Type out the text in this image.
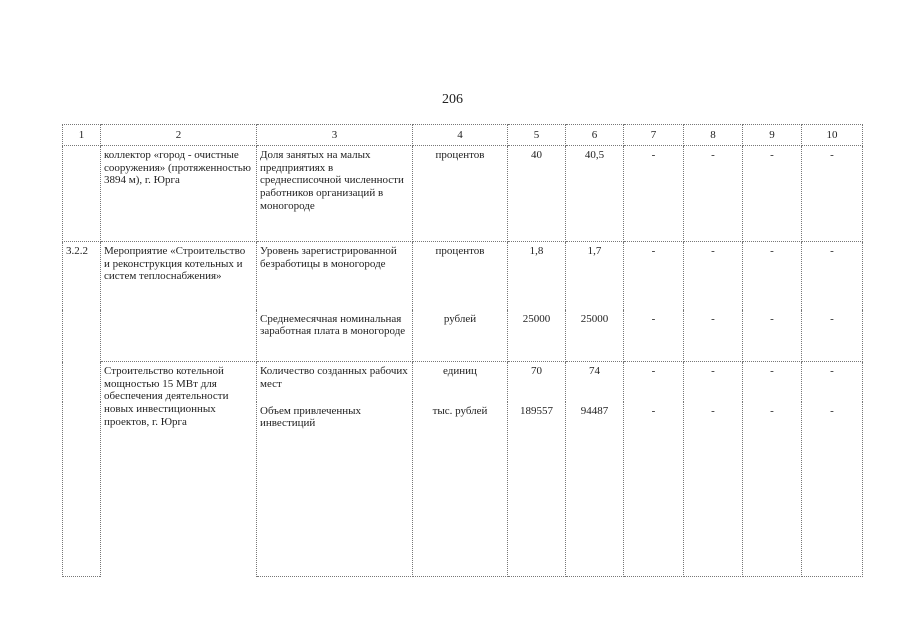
206
1	2	3	4	5	6	7	8	9	10
	коллектор «город - очистные сооружения» (протяженностью 3894 м), г. Юрга	Доля занятых на малых предприятиях в среднесписочной численности работников организаций в моногороде	процентов	40	40,5	-	-	-	-
3.2.2	Мероприятие «Строительство и реконструкция котельных и систем теплоснабжения»	Уровень зарегистрированной безработицы в моногороде	процентов	1,8	1,7	-	-	-	-
		Среднемесячная номинальная заработная плата в моногороде	рублей	25000	25000	-	-	-	-
	Строительство котельной мощностью 15 МВт для обеспечения деятельности новых инвестиционных проектов, г. Юрга	Количество созданных рабочих мест	единиц	70	74	-	-	-	-
		Объем привлеченных инвестиций	тыс. рублей	189557	94487	-	-	-	-
